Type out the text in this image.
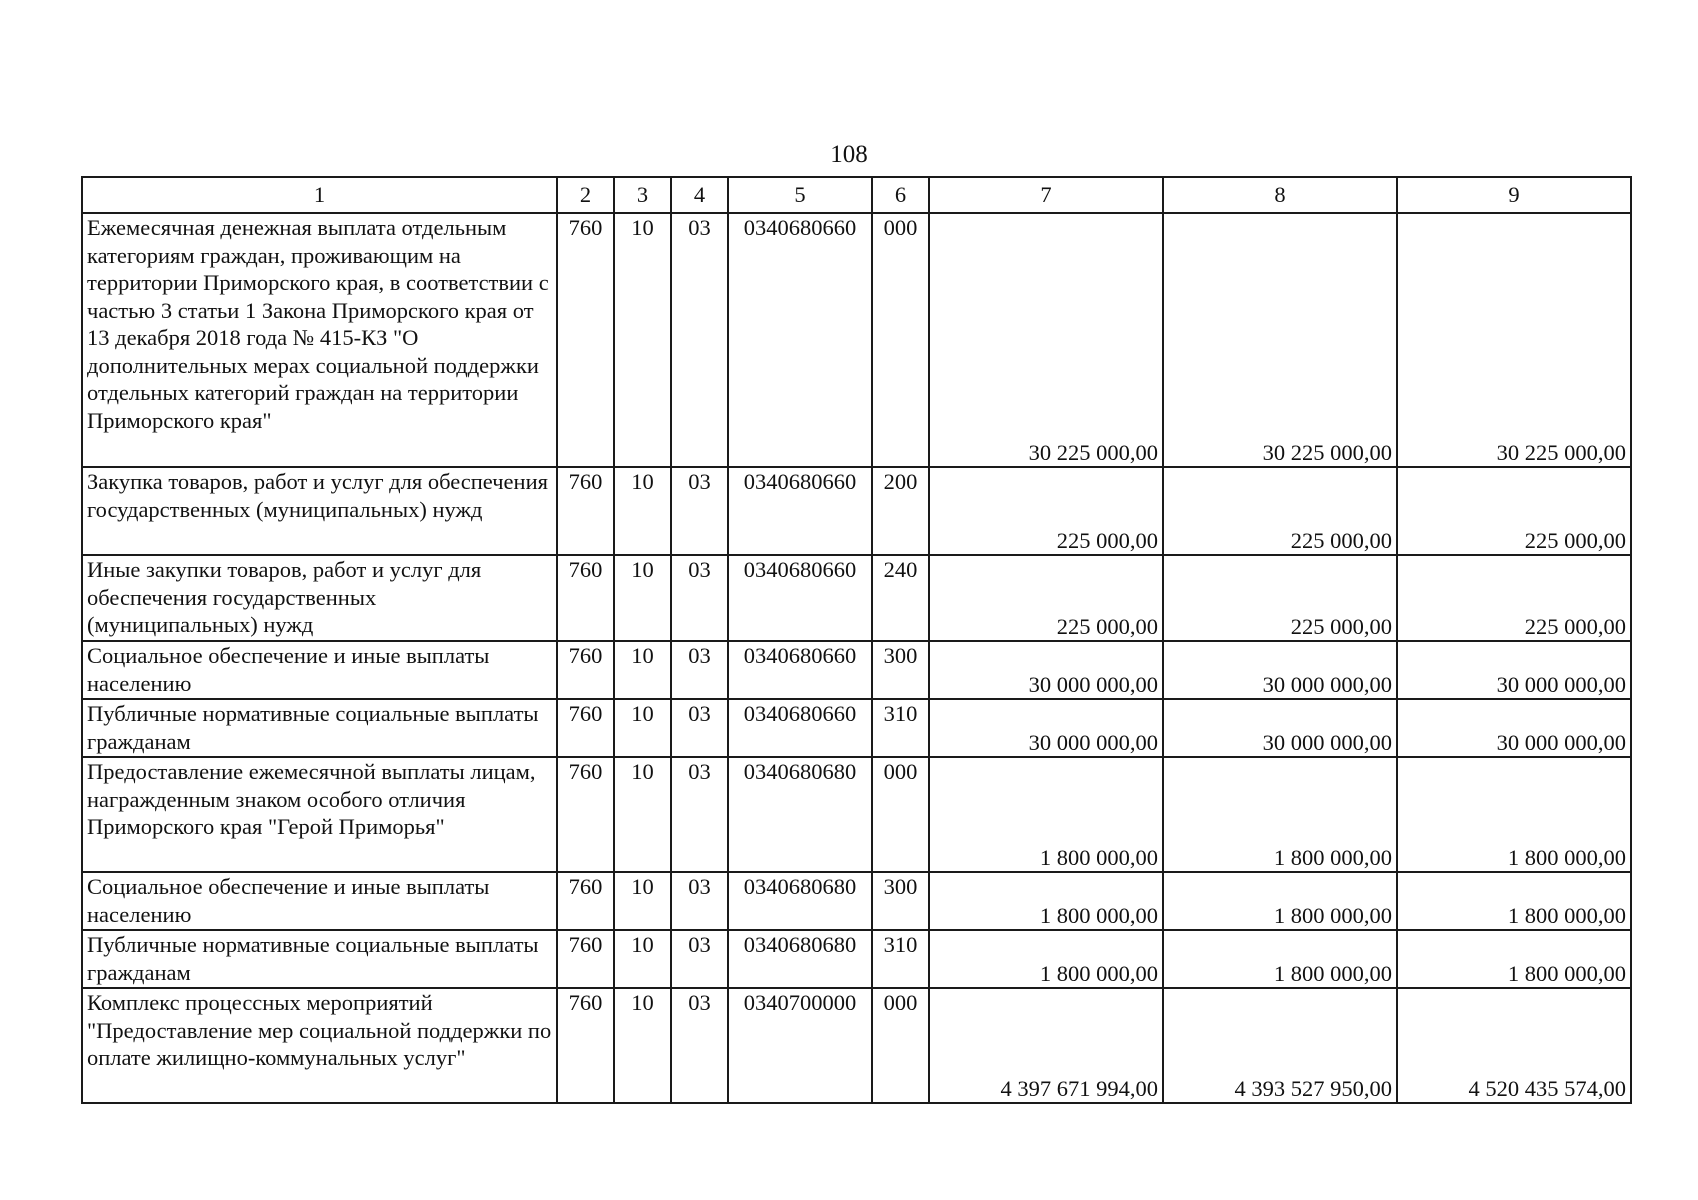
108
1	2	3	4	5	6	7	8	9
Ежемесячная денежная выплата отдельным категориям граждан, проживающим на территории Приморского края, в соответствии с частью 3 статьи 1 Закона Приморского края от 13 декабря 2018 года № 415-КЗ "О дополнительных мерах социальной поддержки отдельных категорий граждан на территории Приморского края"	760	10	03	0340680660	000	30 225 000,00	30 225 000,00	30 225 000,00
Закупка товаров, работ и услуг для обеспечения государственных (муниципальных) нужд	760	10	03	0340680660	200	225 000,00	225 000,00	225 000,00
Иные закупки товаров, работ и услуг для обеспечения государственных (муниципальных) нужд	760	10	03	0340680660	240	225 000,00	225 000,00	225 000,00
Социальное обеспечение и иные выплаты населению	760	10	03	0340680660	300	30 000 000,00	30 000 000,00	30 000 000,00
Публичные нормативные социальные выплаты гражданам	760	10	03	0340680660	310	30 000 000,00	30 000 000,00	30 000 000,00
Предоставление ежемесячной выплаты лицам, награжденным знаком особого отличия Приморского края "Герой Приморья"	760	10	03	0340680680	000	1 800 000,00	1 800 000,00	1 800 000,00
Социальное обеспечение и иные выплаты населению	760	10	03	0340680680	300	1 800 000,00	1 800 000,00	1 800 000,00
Публичные нормативные социальные выплаты гражданам	760	10	03	0340680680	310	1 800 000,00	1 800 000,00	1 800 000,00
Комплекс процессных мероприятий "Предоставление мер социальной поддержки по оплате жилищно-коммунальных услуг"	760	10	03	0340700000	000	4 397 671 994,00	4 393 527 950,00	4 520 435 574,00
